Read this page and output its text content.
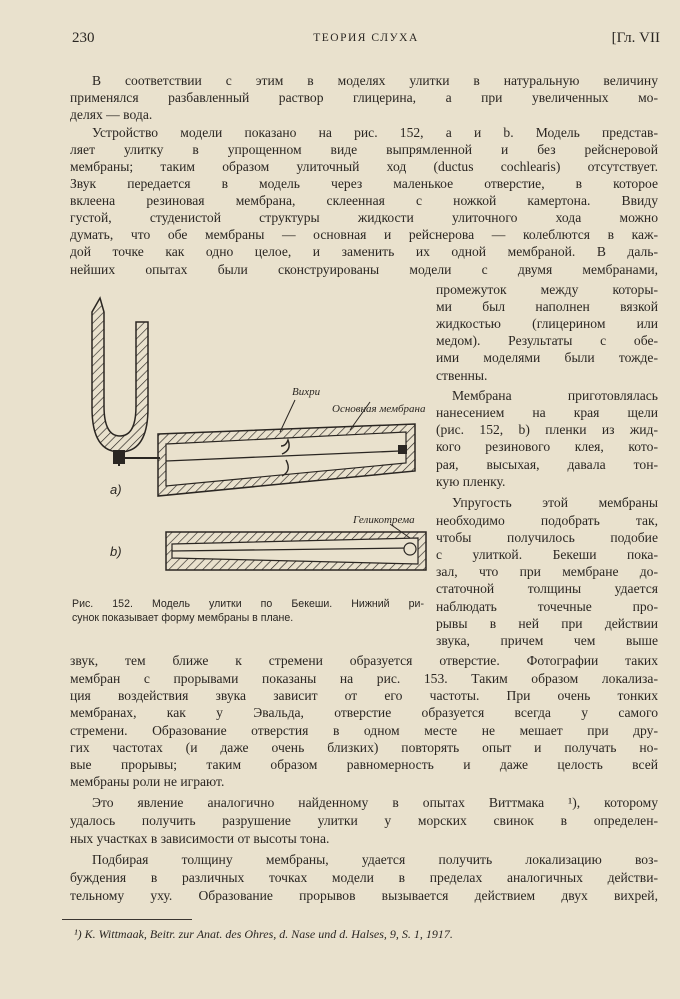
230	ТЕОРИЯ СЛУХА	[Гл. VII
В соответствии с этим в моделях улитки в натуральную величину
применялся разбавленный раствор глицерина, а при увеличенных мо-
делях — вода.
Устройство модели показано на рис. 152, a и b. Модель представ-
ляет улитку в упрощенном виде выпрямленной и без рейснеровой
мембраны; таким образом улиточный ход (ductus cochlearis) отсутствует.
Звук передается в модель через маленькое отверстие, в которое
вклеена резиновая мембрана, склеенная с ножкой камертона. Ввиду
густой, студенистой структуры жидкости улиточного хода можно
думать, что обе мембраны — основная и рейснерова — колеблются в каж-
дой точке как одно целое, и заменить их одной мембраной. В даль-
нейших опытах были сконструированы модели с двумя мембранами,
промежуток между которы-
ми был наполнен вязкой
жидкостью (глицерином или
медом). Результаты с обе-
ими моделями были тожде-
ственны.
Мембрана приготовлялась
нанесением на края щели
(рис. 152, b) пленки из жид-
кого резинового клея, кото-
рая, высыхая, давала тон-
кую пленку.
Упругость этой мембраны
необходимо подобрать так,
чтобы получилось подобие
с улиткой. Бекеши пока-
зал, что при мембране до-
статочной толщины удается
наблюдать точечные про-
рывы в ней при действии
звука, причем чем выше
звук, тем ближе к стремени образуется отверстие. Фотографии таких
мембран с прорывами показаны на рис. 153. Таким образом локализа-
ция воздействия звука зависит от его частоты. При очень тонких
мембранах, как у Эвальда, отверстие образуется всегда у самого
стремени. Образование отверстия в одном месте не мешает при дру-
гих частотах (и даже очень близких) повторять опыт и получать но-
вые прорывы; таким образом равномерность и даже целость всей
мембраны роли не играют.
Это явление аналогично найденному в опытах Виттмака ¹), которому
удалось получить разрушение улитки у морских свинок в определен-
ных участках в зависимости от высоты тона.
Подбирая толщину мембраны, удается получить локализацию воз-
буждения в различных точках модели в пределах аналогичных действи-
тельному уху. Образование прорывов вызывается действием двух вихрей,
Вихри
Основная мембрана
Геликотрема
a)
b)
Рис. 152. Модель улитки по Бекеши. Нижний ри-
сунок показывает форму мембраны в плане.
¹) K. Wittmaak, Beitr. zur Anat. des Ohres, d. Nase und d. Halses, 9, S. 1, 1917.
